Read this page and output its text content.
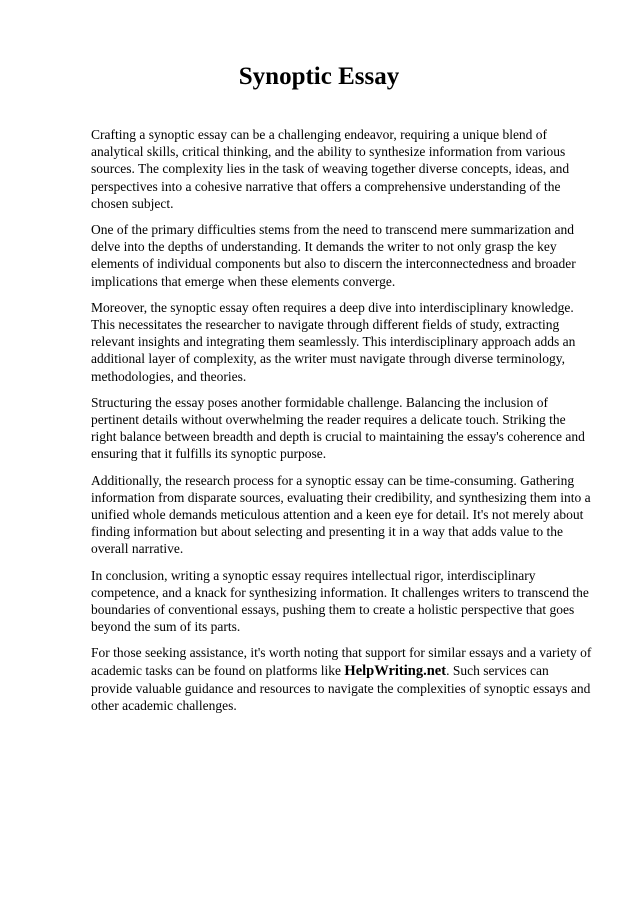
Synoptic Essay

Crafting a synoptic essay can be a challenging endeavor, requiring a unique blend of analytical skills, critical thinking, and the ability to synthesize information from various sources. The complexity lies in the task of weaving together diverse concepts, ideas, and perspectives into a cohesive narrative that offers a comprehensive understanding of the chosen subject.

One of the primary difficulties stems from the need to transcend mere summarization and delve into the depths of understanding. It demands the writer to not only grasp the key elements of individual components but also to discern the interconnectedness and broader implications that emerge when these elements converge.

Moreover, the synoptic essay often requires a deep dive into interdisciplinary knowledge. This necessitates the researcher to navigate through different fields of study, extracting relevant insights and integrating them seamlessly. This interdisciplinary approach adds an additional layer of complexity, as the writer must navigate through diverse terminology, methodologies, and theories.

Structuring the essay poses another formidable challenge. Balancing the inclusion of pertinent details without overwhelming the reader requires a delicate touch. Striking the right balance between breadth and depth is crucial to maintaining the essay's coherence and ensuring that it fulfills its synoptic purpose.

Additionally, the research process for a synoptic essay can be time-consuming. Gathering information from disparate sources, evaluating their credibility, and synthesizing them into a unified whole demands meticulous attention and a keen eye for detail. It's not merely about finding information but about selecting and presenting it in a way that adds value to the overall narrative.

In conclusion, writing a synoptic essay requires intellectual rigor, interdisciplinary competence, and a knack for synthesizing information. It challenges writers to transcend the boundaries of conventional essays, pushing them to create a holistic perspective that goes beyond the sum of its parts.

For those seeking assistance, it's worth noting that support for similar essays and a variety of academic tasks can be found on platforms like HelpWriting.net. Such services can provide valuable guidance and resources to navigate the complexities of synoptic essays and other academic challenges.
